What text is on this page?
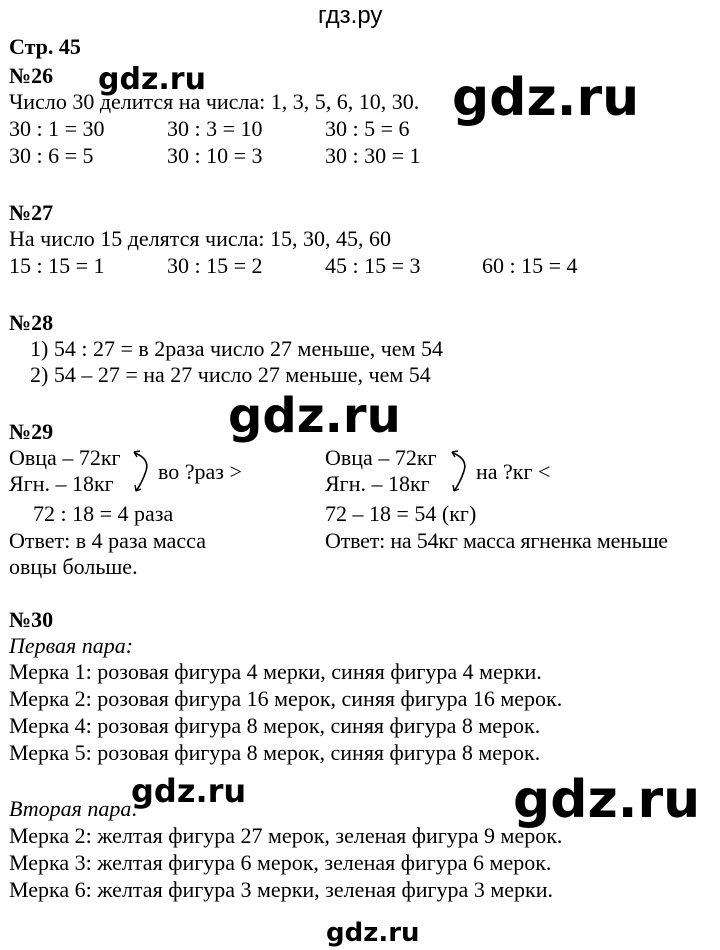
гдз.ру
gdz.ru	gdz.ru
gdz.ru
gdz.ru	gdz.ru
gdz.ru
Стр. 45
№26
Число 30 делится на числа: 1, 3, 5, 6, 10, 30.
30 : 1 = 30	30 : 3 = 10	30 : 5 = 6
30 : 6 = 5	30 : 10 = 3	30 : 30 = 1
№27
На число 15 делятся числа: 15, 30, 45, 60
15 : 15 = 1	30 : 15 = 2	45 : 15 = 3	60 : 15 = 4
№28
1) 54 : 27 = в 2раза число 27 меньше, чем 54
2) 54 – 27 = на 27 число 27 меньше, чем 54
№29
Овца – 72кг
Ягн. – 18кг во ?раз >
72 : 18 = 4 раза
Ответ: в 4 раза масса
овцы больше.
Овца – 72кг
Ягн. – 18кг на ?кг <
72 – 18 = 54 (кг)
Ответ: на 54кг масса ягненка меньше
№30
Первая пара:
Мерка 1: розовая фигура 4 мерки, синяя фигура 4 мерки.
Мерка 2: розовая фигура 16 мерок, синяя фигура 16 мерок.
Мерка 4: розовая фигура 8 мерок, синяя фигура 8 мерок.
Мерка 5: розовая фигура 8 мерок, синяя фигура 8 мерок.
Вторая пара:
Мерка 2: желтая фигура 27 мерок, зеленая фигура 9 мерок.
Мерка 3: желтая фигура 6 мерок, зеленая фигура 6 мерок.
Мерка 6: желтая фигура 3 мерки, зеленая фигура 3 мерки.
